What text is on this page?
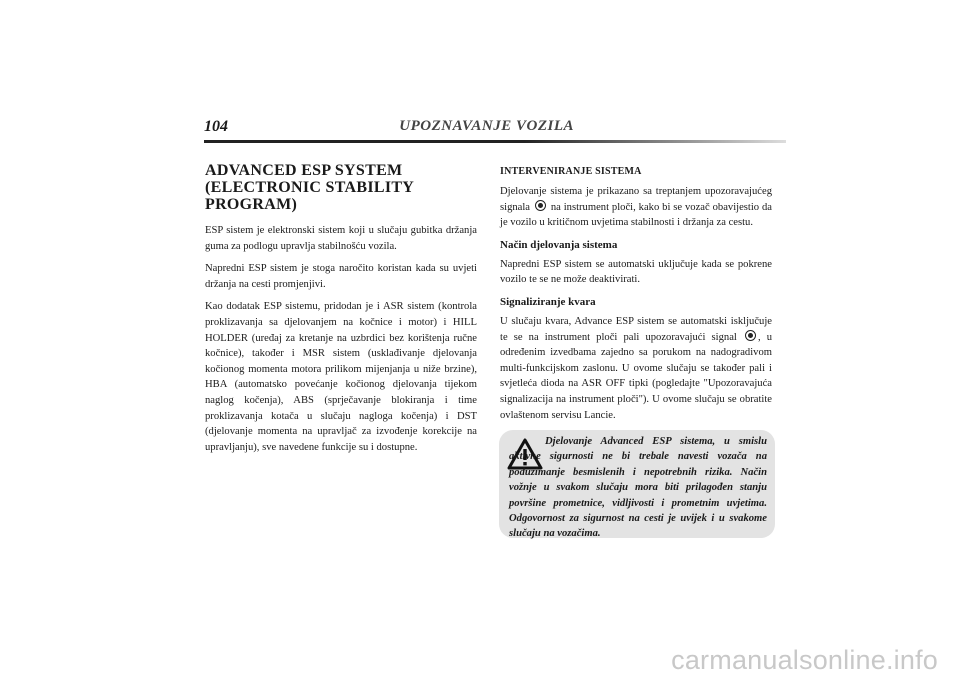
104	UPOZNAVANJE VOZILA
ADVANCED ESP SYSTEM (ELECTRONIC STABILITY PROGRAM)

ESP sistem je elektronski sistem koji u slučaju gubitka držanja guma za podlogu upravlja stabilnošću vozila.

Napredni ESP sistem je stoga naročito koristan kada su uvjeti držanja na cesti promjenjivi.

Kao dodatak ESP sistemu, pridodan je i ASR sistem (kontrola proklizavanja sa djelovanjem na kočnice i motor) i HILL HOLDER (uređaj za kretanje na uzbrdici bez korištenja ručne kočnice), također i MSR sistem (usklađivanje djelovanja kočionog momenta motora prilikom mijenjanja u niže brzine), HBA (automatsko povećanje kočionog djelovanja tijekom naglog kočenja), ABS (sprječavanje blokiranja i time proklizavanja kotača u slučaju nagloga kočenja) i DST (djelovanje momenta na upravljač za izvođenje korekcije na upravljanju), sve navedene funkcije su i dostupne.

INTERVENIRANJE SISTEMA

Djelovanje sistema je prikazano sa treptanjem upozoravajućeg signala na instrument ploči, kako bi se vozač obavijestio da je vozilo u kritičnom uvjetima stabilnosti i držanja za cestu.

Način djelovanja sistema

Napredni ESP sistem se automatski uključuje kada se pokrene vozilo te se ne može deaktivirati.

Signaliziranje kvara

U slučaju kvara, Advance ESP sistem se automatski isključuje te se na instrument ploči pali upozoravajući signal , u određenim izvedbama zajedno sa porukom na nadogradivom multi-funkcijskom zaslonu. U ovome slučaju se također pali i svjetleća dioda na ASR OFF tipki (pogledajte "Upozoravajuća signalizacija na instrument ploči"). U ovome slučaju se obratite ovlaštenom servisu Lancie.

Djelovanje Advanced ESP sistema, u smislu aktivne sigurnosti ne bi trebale navesti vozača na poduzimanje besmislenih i nepotrebnih rizika. Način vožnje u svakom slučaju mora biti prilagođen stanju površine prometnice, vidljivosti i prometnim uvjetima. Odgovornost za sigurnost na cesti je uvijek i u svakome slučaju na vozačima.
carmanualsonline.info
